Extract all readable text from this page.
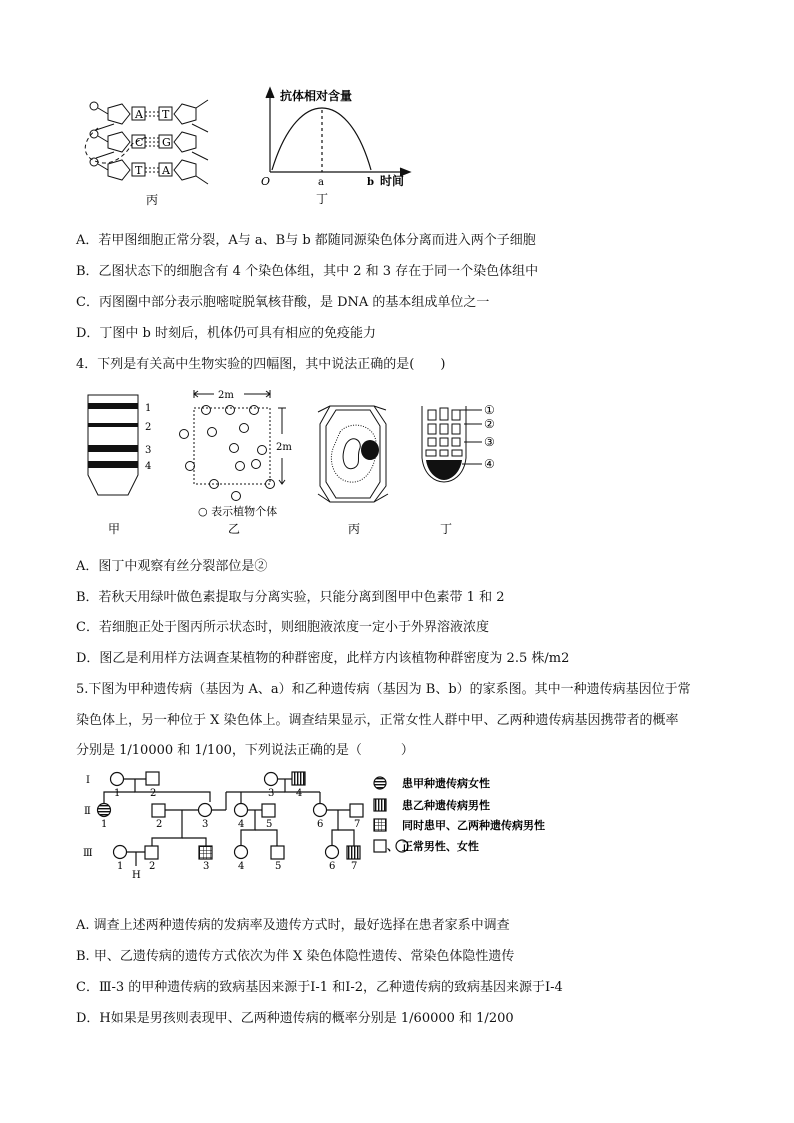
A
C
T
T
G
A
丙
抗体相对含量
O	a	b 时间
丁
A．若甲图细胞正常分裂，A与 a、B与 b 都随同源染色体分离而进入两个子细胞
B．乙图状态下的细胞含有 4 个染色体组，其中 2 和 3 存在于同一个染色体组中
C．丙图圈中部分表示胞嘧啶脱氧核苷酸，是 DNA 的基本组成单位之一
D．丁图中 b 时刻后，机体仍可具有相应的免疫能力
4．下列是有关高中生物实验的四幅图，其中说法正确的是(　　)
1
2
3
4
甲
2m
2m
○ 表示植物个体
乙	丙
①
②
③
④
丁
A．图丁中观察有丝分裂部位是②
B．若秋天用绿叶做色素提取与分离实验，只能分离到图甲中色素带 1 和 2
C．若细胞正处于图丙所示状态时，则细胞液浓度一定小于外界溶液浓度
D．图乙是利用样方法调查某植物的种群密度，此样方内该植物种群密度为 2.5 株/m2
5.下图为甲种遗传病（基因为 A、a）和乙种遗传病（基因为 B、b）的家系图。其中一种遗传病基因位于常
染色体上，另一种位于 X 染色体上。调查结果显示，正常女性人群中甲、乙两种遗传病基因携带者的概率
分别是 1/10000 和 1/100，下列说法正确的是（　　　）
Ⅰ
Ⅱ
Ⅲ
1	2	3 4
1	2	3	4 5	6	7
1	2	3	4	5	6 7
H
患甲种遗传病女性
患乙种遗传病男性
同时患甲、乙两种遗传病男性
、 正常男性、女性
A. 调查上述两种遗传病的发病率及遗传方式时，最好选择在患者家系中调查
B. 甲、乙遗传病的遗传方式依次为伴 X 染色体隐性遗传、常染色体隐性遗传
C．Ⅲ-3 的甲种遗传病的致病基因来源于Ⅰ-1 和Ⅰ-2，乙种遗传病的致病基因来源于Ⅰ-4
D．H如果是男孩则表现甲、乙两种遗传病的概率分别是 1/60000 和 1/200
